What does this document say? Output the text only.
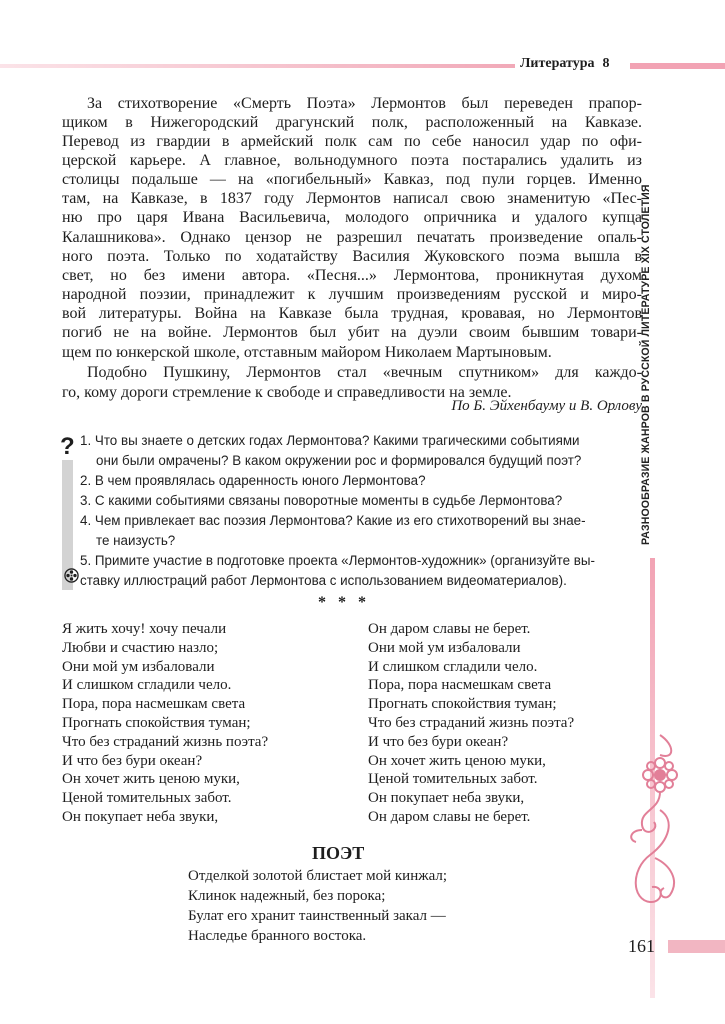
Литература 8
По Б. Эйхенбауму и В. Орлову
?
* * *
ПОЭТ
РАЗНООБРАЗИЕ ЖАНРОВ В РУССКОЙ ЛИТЕРАТУРЕ XIX СТОЛЕТИЯ
161
За стихотворение «Смерть Поэта» Лермонтов был переведен прапор-
щиком в Нижегородский драгунский полк, расположенный на Кавказе.
Перевод из гвардии в армейский полк сам по себе наносил удар по офи-
церской карьере. А главное, вольнодумного поэта постарались удалить из
столицы подальше — на «погибельный» Кавказ, под пули горцев. Именно
там, на Кавказе, в 1837 году Лермонтов написал свою знаменитую «Пес-
ню про царя Ивана Васильевича, молодого опричника и удалого купца
Калашникова». Однако цензор не разрешил печатать произведение опаль-
ного поэта. Только по ходатайству Василия Жуковского поэма вышла в
свет, но без имени автора. «Песня...» Лермонтова, проникнутая духом
народной поэзии, принадлежит к лучшим произведениям русской и миро-
вой литературы. Война на Кавказе была трудная, кровавая, но Лермонтов
погиб не на войне. Лермонтов был убит на дуэли своим бывшим товари-
щем по юнкерской школе, отставным майором Николаем Мартыновым.
Подобно Пушкину, Лермонтов стал «вечным спутником» для каждо-
го, кому дороги стремление к свободе и справедливости на земле.
1. Что вы знаете о детских годах Лермонтова? Какими трагическими событиями
они были омрачены? В каком окружении рос и формировался будущий поэт?
2. В чем проявлялась одаренность юного Лермонтова?
3. С какими событиями связаны поворотные моменты в судьбе Лермонтова?
4. Чем привлекает вас поэзия Лермонтова? Какие из его стихотворений вы знае-
те наизусть?
5. Примите участие в подготовке проекта «Лермонтов-художник» (организуйте вы-
ставку иллюстраций работ Лермонтова с использованием видеоматериалов).
Я жить хочу! хочу печали
Любви и счастию назло;
Они мой ум избаловали
И слишком сгладили чело.
Пора, пора насмешкам света
Прогнать спокойствия туман;
Что без страданий жизнь поэта?
И что без бури океан?
Он хочет жить ценою муки,
Ценой томительных забот.
Он покупает неба звуки,
Он даром славы не берет.
Они мой ум избаловали
И слишком сгладили чело.
Пора, пора насмешкам света
Прогнать спокойствия туман;
Что без страданий жизнь поэта?
И что без бури океан?
Он хочет жить ценою муки,
Ценой томительных забот.
Он покупает неба звуки,
Он даром славы не берет.
Отделкой золотой блистает мой кинжал;
Клинок надежный, без порока;
Булат его хранит таинственный закал —
Наследье бранного востока.
